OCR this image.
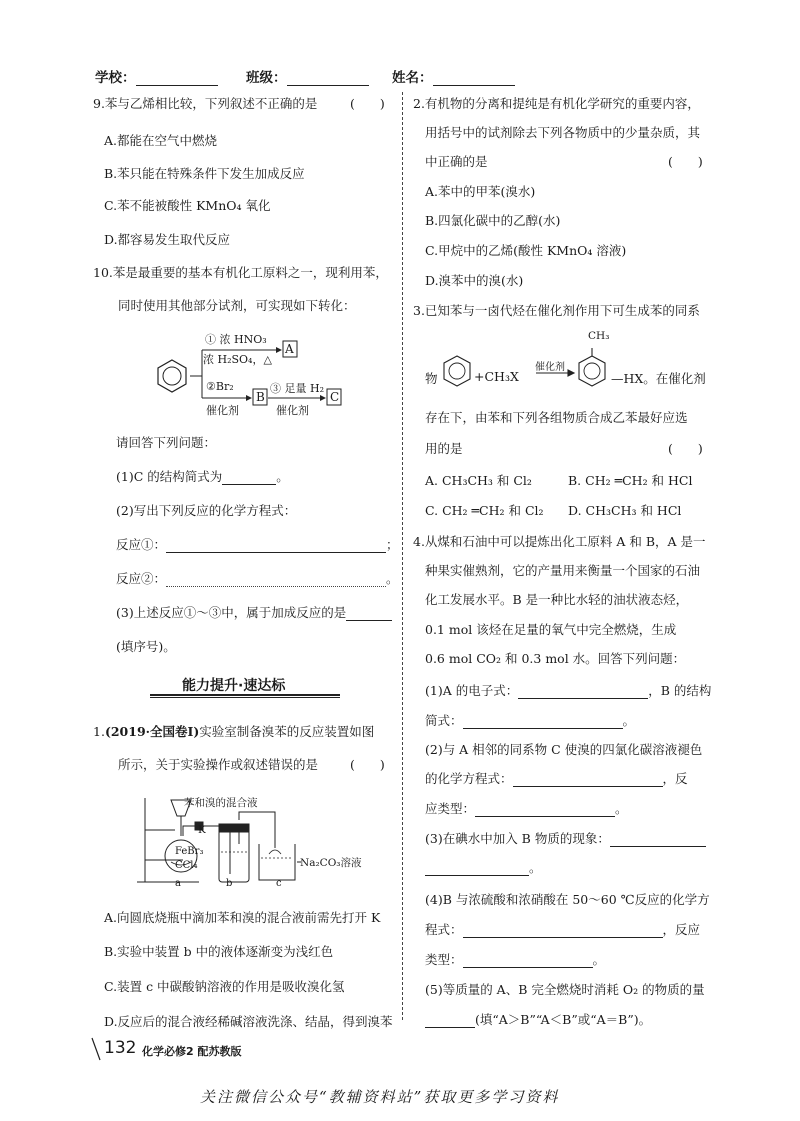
学校：	班级：	姓名：
9.苯与乙烯相比较，下列叙述不正确的是	(　　)
A.都能在空气中燃烧
B.苯只能在特殊条件下发生加成反应
C.苯不能被酸性 KMnO₄ 氧化
D.都容易发生取代反应
10.苯是最重要的基本有机化工原料之一，现利用苯，
同时使用其他部分试剂，可实现如下转化：
① 浓 HNO₃
浓 H₂SO₄，△
A
②Br₂
催化剂
B
③ 足量 H₂
催化剂
C
请回答下列问题：
(1)C 的结构简式为	。
(2)写出下列反应的化学方程式：
反应①：	；
反应②：	。
(3)上述反应①～③中，属于加成反应的是
(填序号)。
能力提升·速达标
1.(2019·全国卷Ⅰ)实验室制备溴苯的反应装置如图
所示，关于实验操作或叙述错误的是	(　　)
苯和溴的混合液
K
FeBr₃
CCl₄	Na₂CO₃溶液
a	b	c
A.向圆底烧瓶中滴加苯和溴的混合液前需先打开 K
B.实验中装置 b 中的液体逐渐变为浅红色
C.装置 c 中碳酸钠溶液的作用是吸收溴化氢
D.反应后的混合液经稀碱溶液洗涤、结晶，得到溴苯
2.有机物的分离和提纯是有机化学研究的重要内容，
用括号中的试剂除去下列各物质中的少量杂质，其
中正确的是	(　　)
A.苯中的甲苯(溴水)
B.四氯化碳中的乙醇(水)
C.甲烷中的乙烯(酸性 KMnO₄ 溶液)
D.溴苯中的溴(水)
3.已知苯与一卤代烃在催化剂作用下可生成苯的同系
CH₃
物	+CH₃X
催化剂
—HX。在催化剂
存在下，由苯和下列各组物质合成乙苯最好应选
用的是	(　　)
A. CH₃CH₃ 和 Cl₂	B. CH₂ ═CH₂ 和 HCl
C. CH₂ ═CH₂ 和 Cl₂ D. CH₃CH₃ 和 HCl
4.从煤和石油中可以提炼出化工原料 A 和 B，A 是一
种果实催熟剂，它的产量用来衡量一个国家的石油
化工发展水平。B 是一种比水轻的油状液态烃，
0.1 mol 该烃在足量的氧气中完全燃烧，生成
0.6 mol CO₂ 和 0.3 mol 水。回答下列问题：
(1)A 的电子式：	，B 的结构
简式：	。
(2)与 A 相邻的同系物 C 使溴的四氯化碳溶液褪色
的化学方程式：	，反
应类型：	。
(3)在碘水中加入 B 物质的现象：
。
(4)B 与浓硫酸和浓硝酸在 50～60 ℃反应的化学方
程式：	，反应
类型：	。
(5)等质量的 A、B 完全燃烧时消耗 O₂ 的物质的量
(填“A＞B”“A＜B”或“A＝B”)。
132 化学必修2 配苏教版
关注微信公众号“教辅资料站”获取更多学习资料
